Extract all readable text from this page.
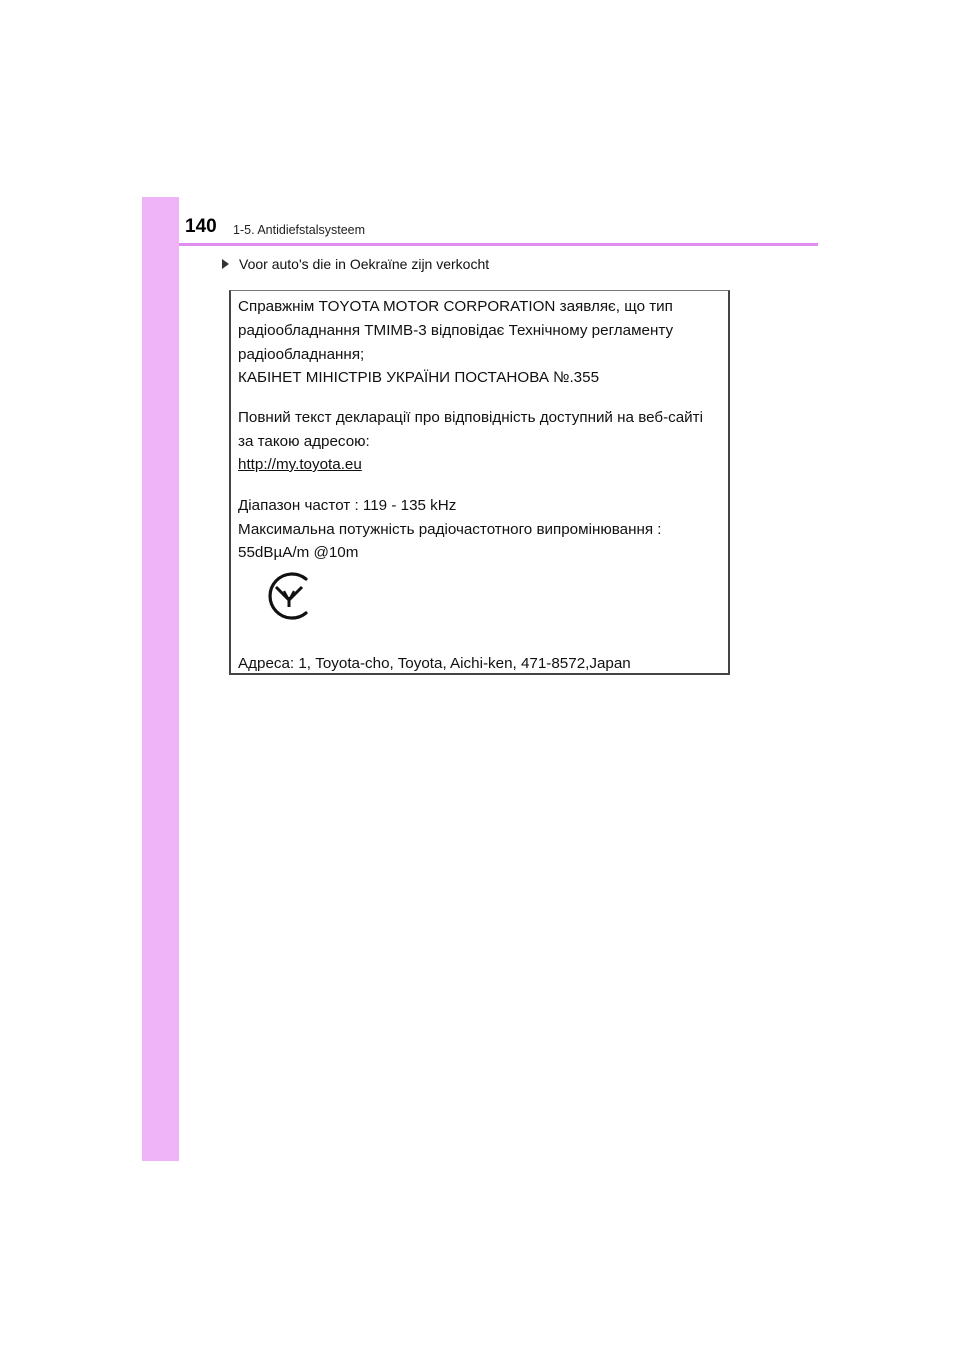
140 1-5. Antidiefstalsysteem
Voor auto's die in Oekraïne zijn verkocht
Справжнім TOYOTA MOTOR CORPORATION заявляє, що тип
радіообладнання TMIMB-3 відповідає Технічному регламенту
радіообладнання;
КАБІНЕТ МІНІСТРІВ УКРАЇНИ ПОСТАНОВА №.355
Повний текст декларації про відповідність доступний на веб-сайті
за такою адресою:
http://my.toyota.eu
Діапазон частот : 119 - 135 kHz
Максимальна потужність радіочастотного випромінювання :
55dBµA/m @10m
Адреса: 1, Toyota-cho, Toyota, Aichi-ken, 471-8572,Japan
